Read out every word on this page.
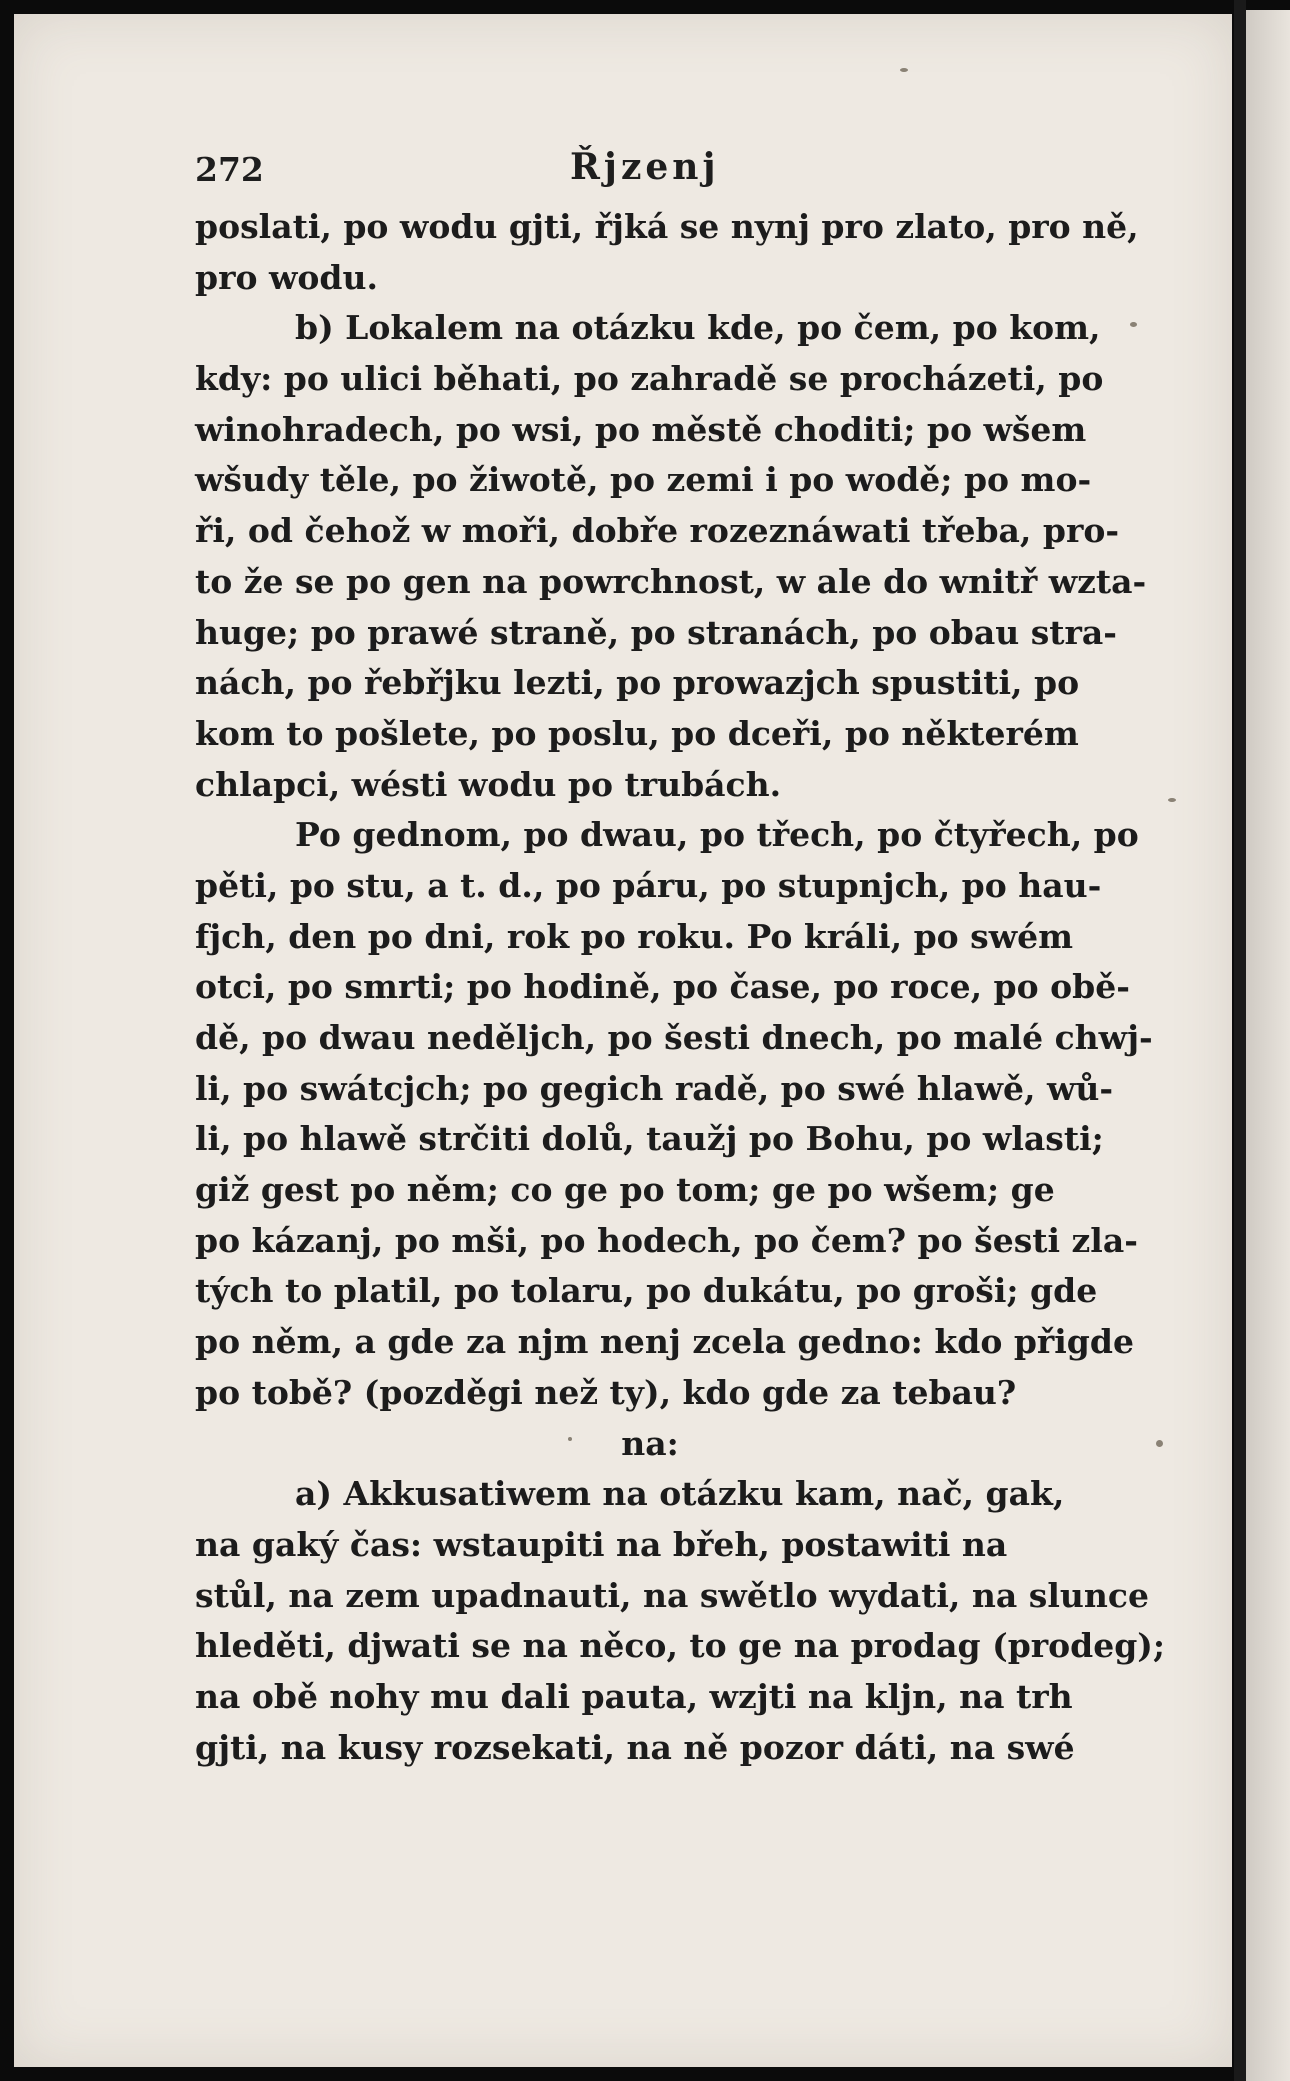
272	Řjzenj
poslati, po wodu gjti, řjká se nynj pro zlato, pro ně,
pro wodu.
b) Lokalem na otázku kde, po čem, po kom,
kdy: po ulici běhati, po zahradě se procházeti, po
winohradech, po wsi, po městě choditi; po wšem
wšudy těle, po žiwotě, po zemi i po wodě; po mo-
ři, od čehož w moři, dobře rozeznáwati třeba, pro-
to že se po gen na powrchnost, w ale do wnitř wzta-
huge; po prawé straně, po stranách, po obau stra-
nách, po řebřjku lezti, po prowazjch spustiti, po
kom to pošlete, po poslu, po dceři, po některém
chlapci, wésti wodu po trubách.
Po gednom, po dwau, po třech, po čtyřech, po
pěti, po stu, a t. d., po páru, po stupnjch, po hau-
fjch, den po dni, rok po roku. Po králi, po swém
otci, po smrti; po hodině, po čase, po roce, po obě-
dě, po dwau neděljch, po šesti dnech, po malé chwj-
li, po swátcjch; po gegich radě, po swé hlawě, wů-
li, po hlawě strčiti dolů, taužj po Bohu, po wlasti;
giž gest po něm; co ge po tom; ge po wšem; ge
po kázanj, po mši, po hodech, po čem? po šesti zla-
tých to platil, po tolaru, po dukátu, po groši; gde
po něm, a gde za njm nenj zcela gedno: kdo přigde
po tobě? (pozděgi než ty), kdo gde za tebau?
na:
a) Akkusatiwem na otázku kam, nač, gak,
na gaký čas: wstaupiti na břeh, postawiti na
stůl, na zem upadnauti, na swětlo wydati, na slunce
hleděti, djwati se na něco, to ge na prodag (prodeg);
na obě nohy mu dali pauta, wzjti na kljn, na trh
gjti, na kusy rozsekati, na ně pozor dáti, na swé
